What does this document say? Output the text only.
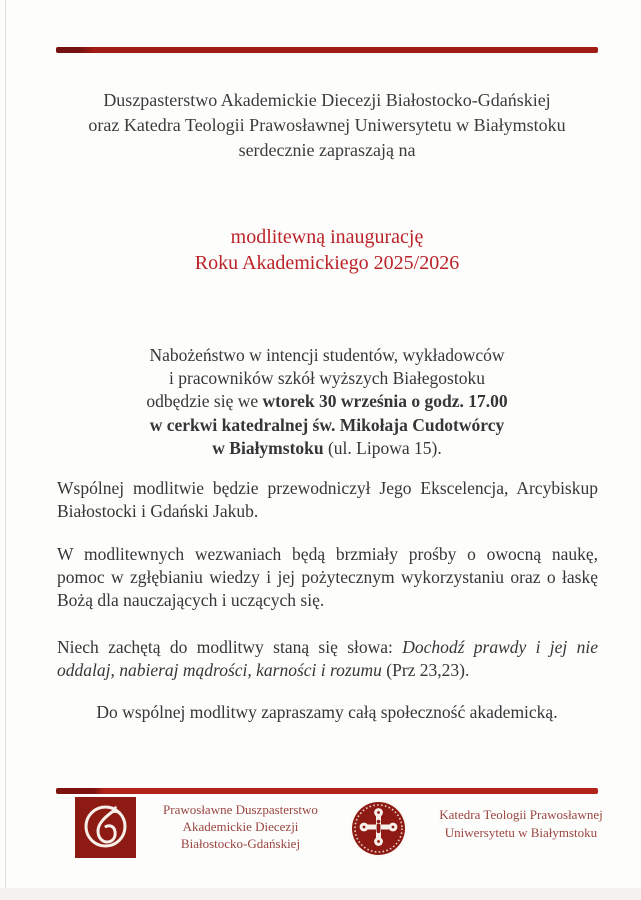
Duszpasterstwo Akademickie Diecezji Białostocko-Gdańskiej
oraz Katedra Teologii Prawosławnej Uniwersytetu w Białymstoku
serdecznie zapraszają na
modlitewną inaugurację
Roku Akademickiego 2025/2026
Nabożeństwo w intencji studentów, wykładowców
i pracowników szkół wyższych Białegostoku
odbędzie się we wtorek 30 września o godz. 17.00
w cerkwi katedralnej św. Mikołaja Cudotwórcy
w Białymstoku (ul. Lipowa 15).

Wspólnej modlitwie będzie przewodniczył Jego Ekscelencja, Arcybiskup Białostocki i Gdański Jakub.

W modlitewnych wezwaniach będą brzmiały prośby o owocną naukę, pomoc w zgłębianiu wiedzy i jej pożytecznym wykorzystaniu oraz o łaskę Bożą dla nauczających i uczących się.

Niech zachętą do modlitwy staną się słowa: Dochodź prawdy i jej nie oddalaj, nabieraj mądrości, karności i rozumu (Prz 23,23).

Do wspólnej modlitwy zapraszamy całą społeczność akademicką.
Prawosławne Duszpasterstwo
Akademickie Diecezji
Białostocko-Gdańskiej
Katedra Teologii Prawosławnej
Uniwersytetu w Białymstoku
